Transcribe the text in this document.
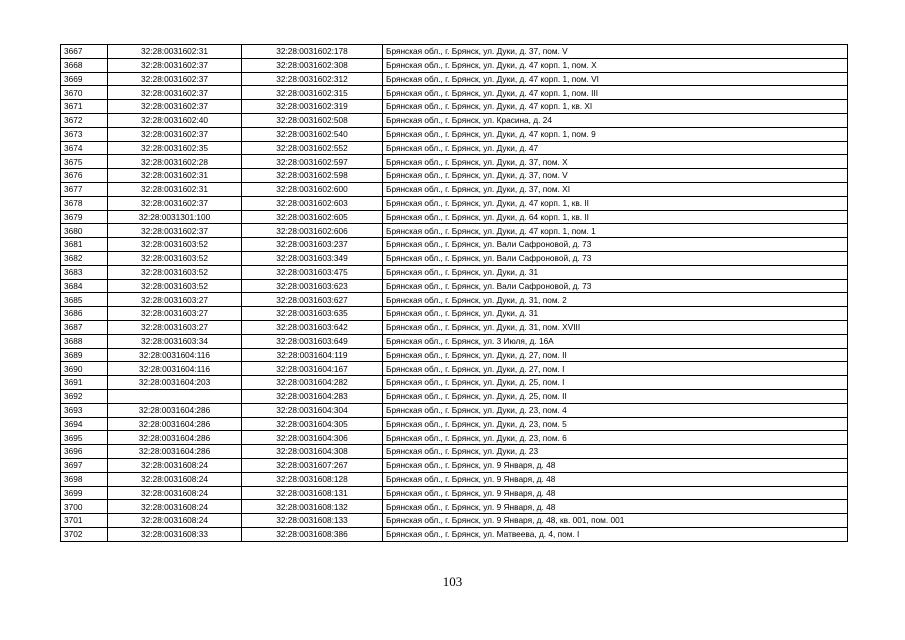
3667	32:28:0031602:31	32:28:0031602:178	Брянская обл., г. Брянск, ул. Дуки, д. 37, пом. V
3668	32:28:0031602:37	32:28:0031602:308	Брянская обл., г. Брянск, ул. Дуки, д. 47 корп. 1, пом. X
3669	32:28:0031602:37	32:28:0031602:312	Брянская обл., г. Брянск, ул. Дуки, д. 47 корп. 1, пом. VI
3670	32:28:0031602:37	32:28:0031602:315	Брянская обл., г. Брянск, ул. Дуки, д. 47 корп. 1, пом. III
3671	32:28:0031602:37	32:28:0031602:319	Брянская обл., г. Брянск, ул. Дуки, д. 47 корп. 1, кв. XI
3672	32:28:0031602:40	32:28:0031602:508	Брянская обл., г. Брянск, ул. Красина, д. 24
3673	32:28:0031602:37	32:28:0031602:540	Брянская обл., г. Брянск, ул. Дуки, д. 47 корп. 1, пом. 9
3674	32:28:0031602:35	32:28:0031602:552	Брянская обл., г. Брянск, ул. Дуки, д. 47
3675	32:28:0031602:28	32:28:0031602:597	Брянская обл., г. Брянск, ул. Дуки, д. 37, пом. X
3676	32:28:0031602:31	32:28:0031602:598	Брянская обл., г. Брянск, ул. Дуки, д. 37, пом. V
3677	32:28:0031602:31	32:28:0031602:600	Брянская обл., г. Брянск, ул. Дуки, д. 37, пом. XI
3678	32:28:0031602:37	32:28:0031602:603	Брянская обл., г. Брянск, ул. Дуки, д. 47 корп. 1, кв. II
3679	32:28:0031301:100	32:28:0031602:605	Брянская обл., г. Брянск, ул. Дуки, д. 64 корп. 1, кв. II
3680	32:28:0031602:37	32:28:0031602:606	Брянская обл., г. Брянск, ул. Дуки, д. 47 корп. 1, пом. 1
3681	32:28:0031603:52	32:28:0031603:237	Брянская обл., г. Брянск, ул. Вали Сафроновой, д. 73
3682	32:28:0031603:52	32:28:0031603:349	Брянская обл., г. Брянск, ул. Вали Сафроновой, д. 73
3683	32:28:0031603:52	32:28:0031603:475	Брянская обл., г. Брянск, ул. Дуки, д. 31
3684	32:28:0031603:52	32:28:0031603:623	Брянская обл., г. Брянск, ул. Вали Сафроновой, д. 73
3685	32:28:0031603:27	32:28:0031603:627	Брянская обл., г. Брянск, ул. Дуки, д. 31, пом. 2
3686	32:28:0031603:27	32:28:0031603:635	Брянская обл., г. Брянск, ул. Дуки, д. 31
3687	32:28:0031603:27	32:28:0031603:642	Брянская обл., г. Брянск, ул. Дуки, д. 31, пом. XVIII
3688	32:28:0031603:34	32:28:0031603:649	Брянская обл., г. Брянск, ул. 3 Июля, д. 16А
3689	32:28:0031604:116	32:28:0031604:119	Брянская обл., г. Брянск, ул. Дуки, д. 27, пом. II
3690	32:28:0031604:116	32:28:0031604:167	Брянская обл., г. Брянск, ул. Дуки, д. 27, пом. I
3691	32:28:0031604:203	32:28:0031604:282	Брянская обл., г. Брянск, ул. Дуки, д. 25, пом. I
3692		32:28:0031604:283	Брянская обл., г. Брянск, ул. Дуки, д. 25, пом. II
3693	32:28:0031604:286	32:28:0031604:304	Брянская обл., г. Брянск, ул. Дуки, д. 23, пом. 4
3694	32:28:0031604:286	32:28:0031604:305	Брянская обл., г. Брянск, ул. Дуки, д. 23, пом. 5
3695	32:28:0031604:286	32:28:0031604:306	Брянская обл., г. Брянск, ул. Дуки, д. 23, пом. 6
3696	32:28:0031604:286	32:28:0031604:308	Брянская обл., г. Брянск, ул. Дуки, д. 23
3697	32:28:0031608:24	32:28:0031607:267	Брянская обл., г. Брянск, ул. 9 Января, д. 48
3698	32:28:0031608:24	32:28:0031608:128	Брянская обл., г. Брянск, ул. 9 Января, д. 48
3699	32:28:0031608:24	32:28:0031608:131	Брянская обл., г. Брянск, ул. 9 Января, д. 48
3700	32:28:0031608:24	32:28:0031608:132	Брянская обл., г. Брянск, ул. 9 Января, д. 48
3701	32:28:0031608:24	32:28:0031608:133	Брянская обл., г. Брянск, ул. 9 Января, д. 48, кв. 001, пом. 001
3702	32:28:0031608:33	32:28:0031608:386	Брянская обл., г. Брянск, ул. Матвеева, д. 4, пом. I
103
